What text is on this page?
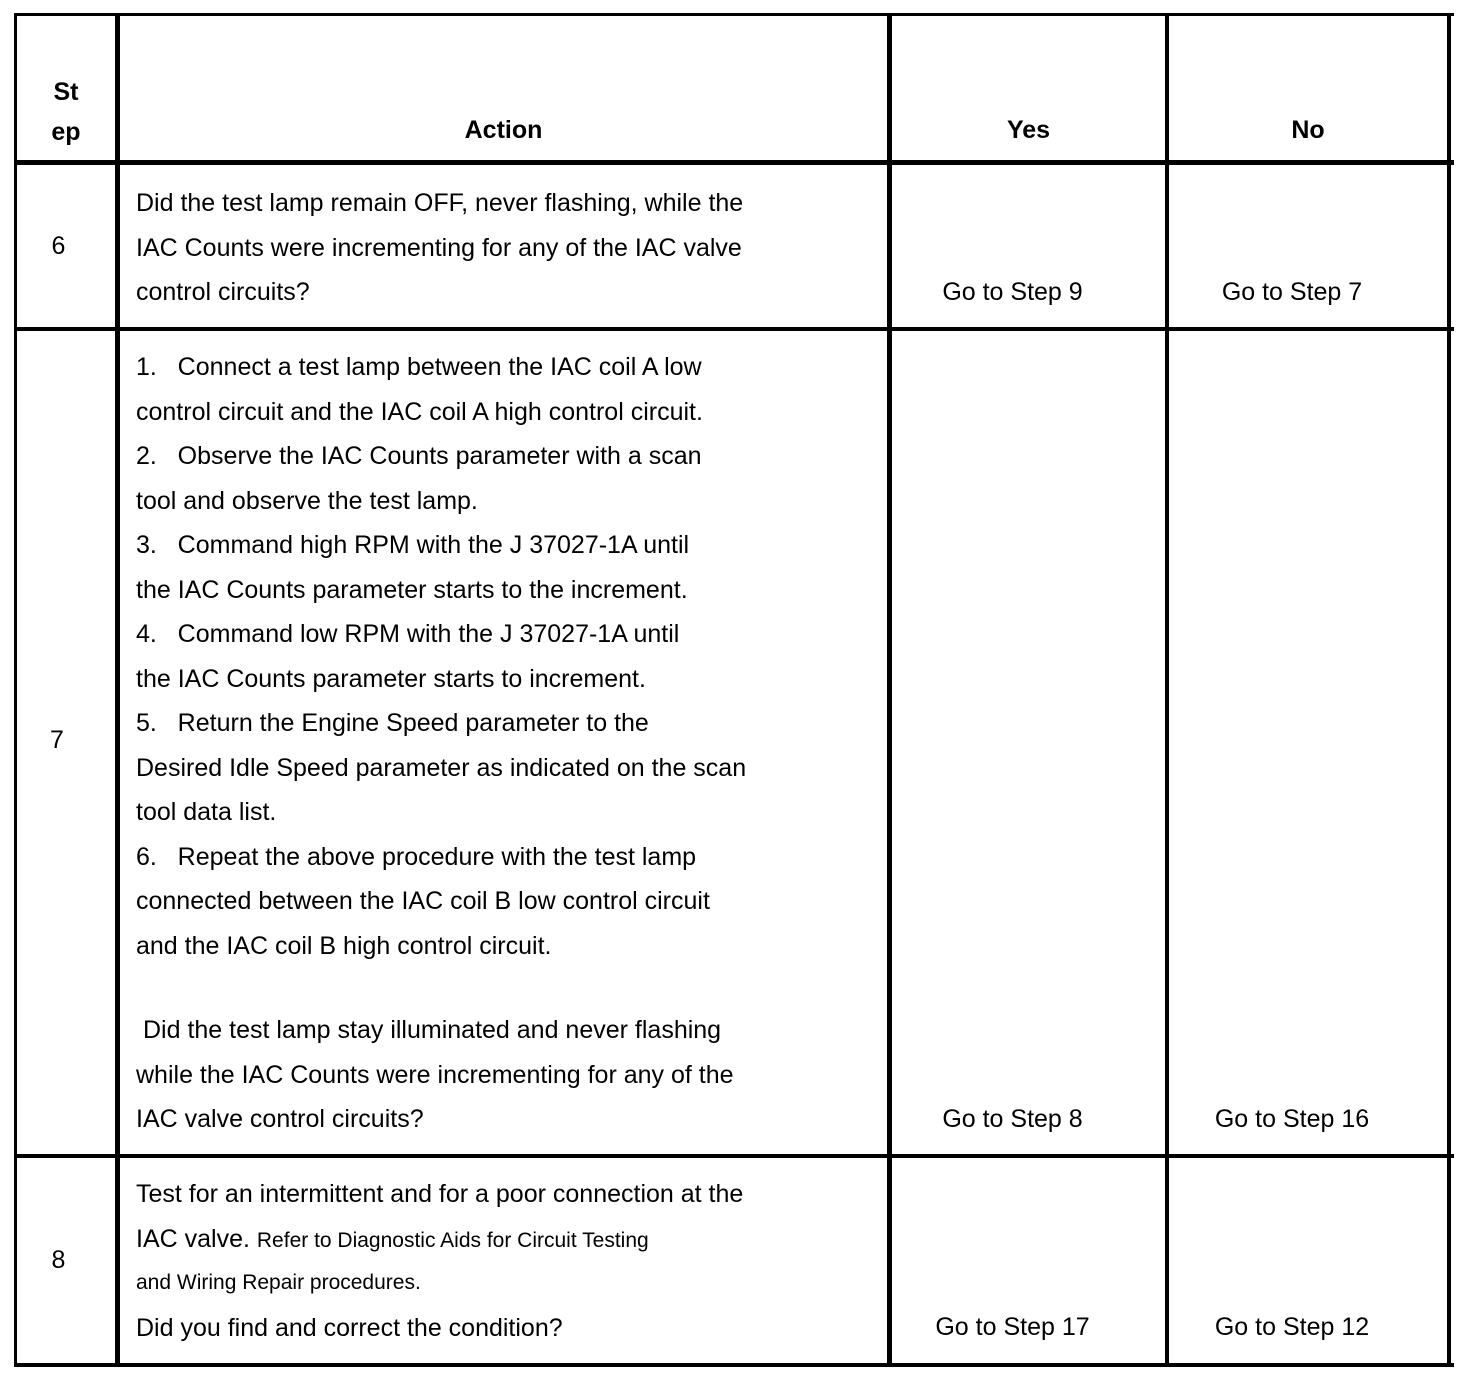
St
ep	Action	Yes	No
6
Did the test lamp remain OFF, never flashing, while the
IAC Counts were incrementing for any of the IAC valve
control circuits?	Go to Step 9	Go to Step 7
7
1.   Connect a test lamp between the IAC coil A low
control circuit and the IAC coil A high control circuit.
2.   Observe the IAC Counts parameter with a scan
tool and observe the test lamp.
3.   Command high RPM with the J 37027-1A until
the IAC Counts parameter starts to the increment.
4.   Command low RPM with the J 37027-1A until
the IAC Counts parameter starts to increment.
5.   Return the Engine Speed parameter to the
Desired Idle Speed parameter as indicated on the scan
tool data list.
6.   Repeat the above procedure with the test lamp
connected between the IAC coil B low control circuit
and the IAC coil B high control circuit.
Did the test lamp stay illuminated and never flashing
while the IAC Counts were incrementing for any of the
IAC valve control circuits?	Go to Step 8	Go to Step 16
8
Test for an intermittent and for a poor connection at the
IAC valve. Refer to Diagnostic Aids for Circuit Testing
and Wiring Repair procedures.
Did you find and correct the condition?	Go to Step 17	Go to Step 12
